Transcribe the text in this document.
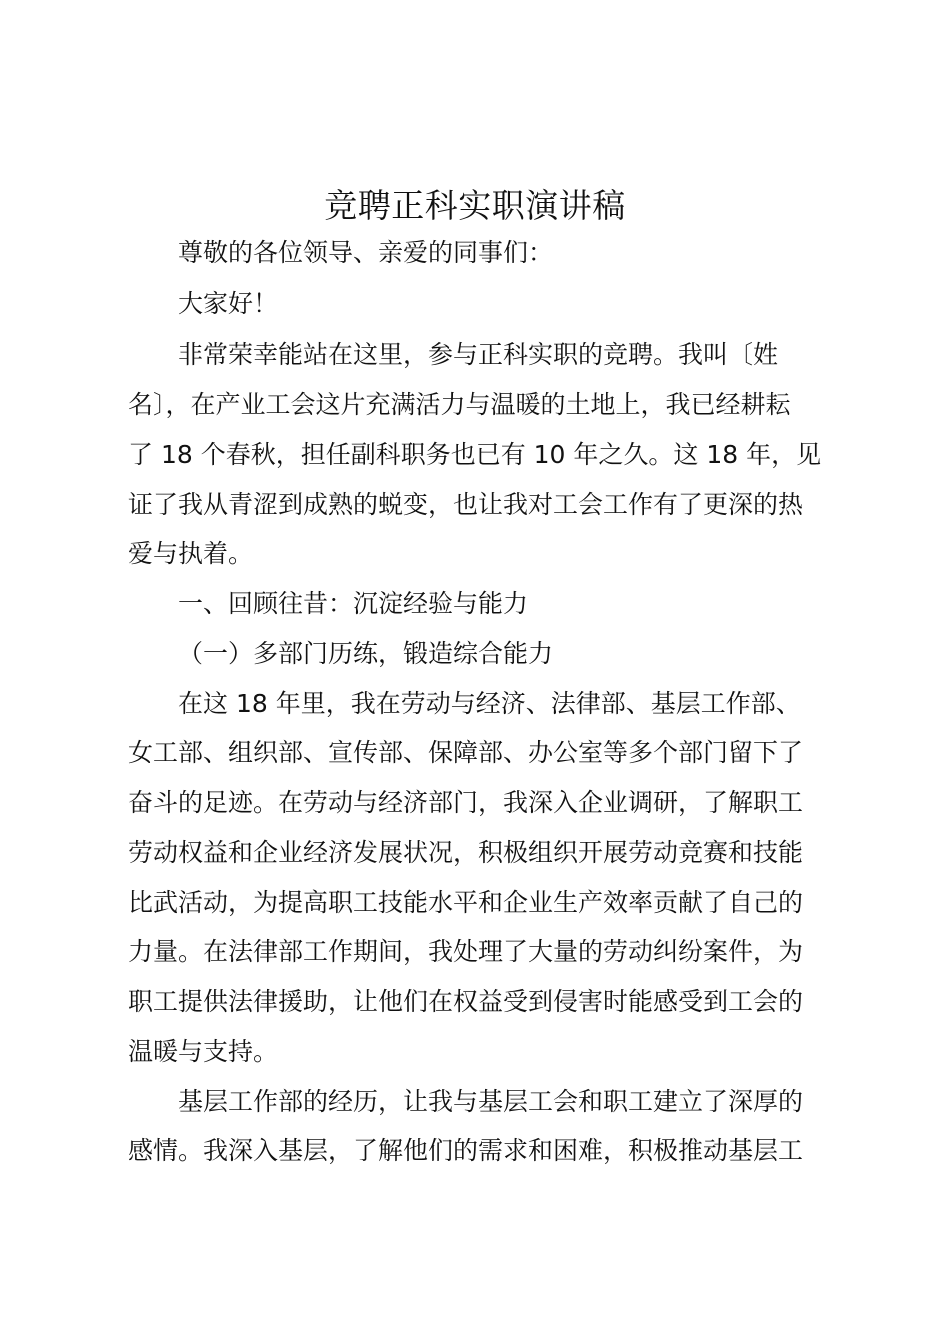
竞聘正科实职演讲稿
尊敬的各位领导、亲爱的同事们：
大家好！
非常荣幸能站在这里，参与正科实职的竞聘。我叫〔姓
名〕，在产业工会这片充满活力与温暖的土地上，我已经耕耘
了 18 个春秋，担任副科职务也已有 10 年之久。这 18 年，见
证了我从青涩到成熟的蜕变，也让我对工会工作有了更深的热
爱与执着。
一、回顾往昔：沉淀经验与能力
（一）多部门历练，锻造综合能力
在这 18 年里，我在劳动与经济、法律部、基层工作部、
女工部、组织部、宣传部、保障部、办公室等多个部门留下了
奋斗的足迹。在劳动与经济部门，我深入企业调研，了解职工
劳动权益和企业经济发展状况，积极组织开展劳动竞赛和技能
比武活动，为提高职工技能水平和企业生产效率贡献了自己的
力量。在法律部工作期间，我处理了大量的劳动纠纷案件，为
职工提供法律援助，让他们在权益受到侵害时能感受到工会的
温暖与支持。
基层工作部的经历，让我与基层工会和职工建立了深厚的
感情。我深入基层，了解他们的需求和困难，积极推动基层工
